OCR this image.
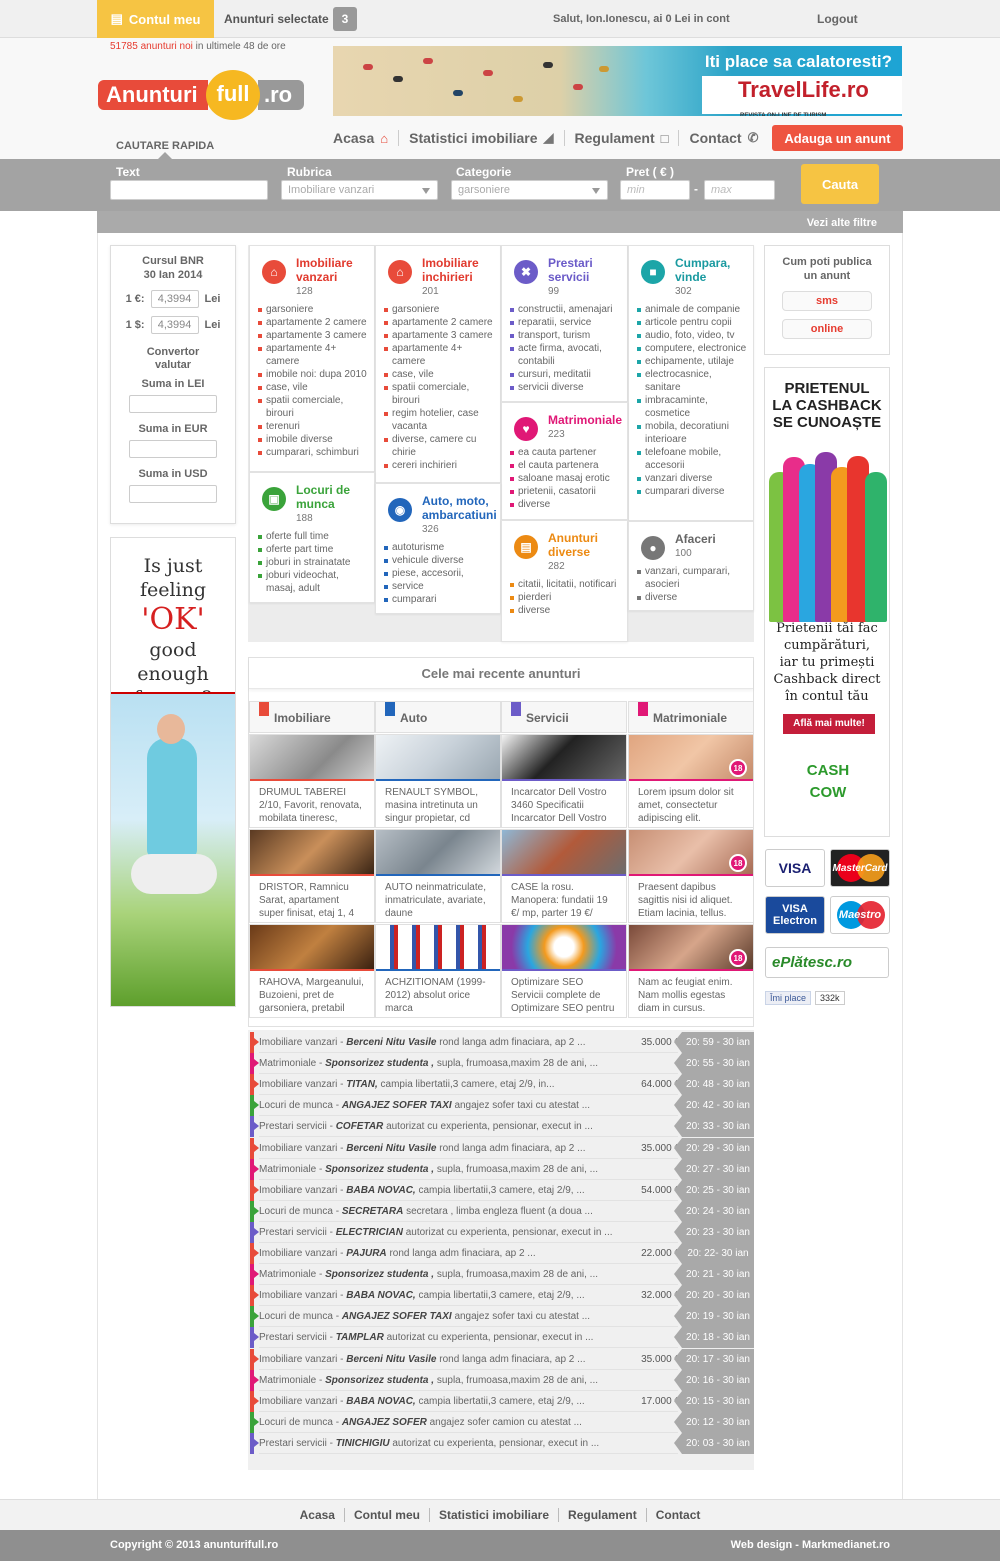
▤ Contul meu Anunturi selectate	3	Salut, Ion.Ionescu, ai 0 Lei in cont	Logout
51785 anunturi noi in ultimele 48 de ore
Anunturi	.ro
full
Iti place sa calatoresti?
TravelLife.ro
REVISTA ON-LINE DE TURISM
CAUTARE RAPIDA	Acasa ⌂ Statistici imobiliare ◢ Regulament □ Contact ✆	Adauga un anunt
Text	Rubrica
Imobiliare vanzari
Categorie
garsoniere
Pret ( € )
min	-	max	Cauta
Vezi alte filtre
Cursul BNR
30 Ian 2014
1 €:	4,3994	Lei
1 $:	4,3994	Lei
Convertor
valutar
Suma in LEI
Suma in EUR
Suma in USD
Is just feeling
'OK'
good enough
⌂
Imobiliare vanzari
128
garsoniere
apartamente 2 camere
apartamente 3 camere
apartamente 4+ camere
imobile noi: dupa 2010
case, vile
spatii comerciale, birouri
terenuri
imobile diverse
cumparari, schimburi
⌂
Imobiliare inchirieri
201
garsoniere
apartamente 2 camere
apartamente 3 camere
apartamente 4+ camere
case, vile
spatii comerciale, birouri
regim hotelier, case vacanta
diverse, camere cu chirie
cereri inchirieri
✖
Prestari servicii
99
constructii, amenajari
reparatii, service
transport, turism
acte firma, avocati, contabili
cursuri, meditatii
servicii diverse
■
Cumpara, vinde
302
animale de companie
articole pentru copii
audio, foto, video, tv
computere, electronice
echipamente, utilaje
electrocasnice, sanitare
imbracaminte, cosmetice
mobila, decoratiuni interioare
telefoane mobile, accesorii
vanzari diverse
cumparari diverse
♥
Matrimoniale
223
ea cauta partener
el cauta partenera
saloane masaj erotic
prietenii, casatorii
diverse
▣
Locuri de munca
188
oferte full time
oferte part time
joburi in strainatate
joburi videochat, masaj, adult
◉
Auto, moto, ambarcatiuni
326
autoturisme
vehicule diverse
piese, accesorii,
service
cumparari
▤
Anunturi diverse
282
citatii, licitatii, notificari
pierderi
diverse
●
Afaceri
100
vanzari, cumparari, asocieri
diverse
Cum poti publica un anunt
sms
online
PRIETENUL
LA CASHBACK
SE CUNOAȘTE
Prietenii tăi fac cumpărături, iar tu primești Cashback direct în contul tău
Află mai multe!
CASH COW
VISA	MasterCard
VISA
Electron Maestro
ePlătesc.ro
Îmi place	332k
Cele mai recente anunturi
Imobiliare	Auto	Servicii	Matrimoniale
DRUMUL TABEREI 2/10, Favorit, renovata, mobilata tineresc,
RENAULT SYMBOL, masina intretinuta un singur propietar, cd
Incarcator Dell Vostro 3460 Specificatii Incarcator Dell Vostro
Lorem ipsum dolor sit amet, consectetur adipiscing elit.
18
DRISTOR, Ramnicu Sarat, apartament super finisat, etaj 1, 4
AUTO neinmatriculate, inmatriculate, avariate, daune
CASE la rosu. Manopera: fundatii 19 €/ mp, parter 19 €/
Praesent dapibus sagittis nisi id aliquet. Etiam lacinia, tellus.
18
RAHOVA, Margeanului, Buzoieni, pret de garsoniera, pretabil
ACHZITIONAM (1999-2012) absolut orice marca
Optimizare SEO Servicii complete de Optimizare SEO pentru
Nam ac feugiat enim. Nam mollis egestas diam in cursus.
18
Imobiliare vanzari - Berceni Nitu Vasile rond langa adm finaciara, ap 2 ...	35.000 € 20: 59 - 30 ian
Matrimoniale - Sponsorizez studenta , supla, frumoasa,maxim 28 de ani, ...	20: 55 - 30 ian
Imobiliare vanzari - TITAN, campia libertatii,3 camere, etaj 2/9, in...	64.000 € 20: 48 - 30 ian
Locuri de munca - ANGAJEZ SOFER TAXI angajez sofer taxi cu atestat ...	20: 42 - 30 ian
Prestari servicii - COFETAR autorizat cu experienta, pensionar, execut in ...	20: 33 - 30 ian
Imobiliare vanzari - Berceni Nitu Vasile rond langa adm finaciara, ap 2 ...	35.000 € 20: 29 - 30 ian
Matrimoniale - Sponsorizez studenta , supla, frumoasa,maxim 28 de ani, ...	20: 27 - 30 ian
Imobiliare vanzari - BABA NOVAC, campia libertatii,3 camere, etaj 2/9, ...	54.000 € 20: 25 - 30 ian
Locuri de munca - SECRETARA secretara , limba engleza fluent (a doua ...	20: 24 - 30 ian
Prestari servicii - ELECTRICIAN autorizat cu experienta, pensionar, execut in ...	20: 23 - 30 ian
Imobiliare vanzari - PAJURA rond langa adm finaciara, ap 2 ...	22.000 € 20: 22- 30 ian
Matrimoniale - Sponsorizez studenta , supla, frumoasa,maxim 28 de ani, ...	20: 21 - 30 ian
Imobiliare vanzari - BABA NOVAC, campia libertatii,3 camere, etaj 2/9, ...	32.000 € 20: 20 - 30 ian
Locuri de munca - ANGAJEZ SOFER TAXI angajez sofer taxi cu atestat ...	20: 19 - 30 ian
Prestari servicii - TAMPLAR autorizat cu experienta, pensionar, execut in ...	20: 18 - 30 ian
Imobiliare vanzari - Berceni Nitu Vasile rond langa adm finaciara, ap 2 ...	35.000 € 20: 17 - 30 ian
Matrimoniale - Sponsorizez studenta , supla, frumoasa,maxim 28 de ani, ...	20: 16 - 30 ian
Imobiliare vanzari - BABA NOVAC, campia libertatii,3 camere, etaj 2/9, ...	17.000 € 20: 15 - 30 ian
Locuri de munca - ANGAJEZ SOFER angajez sofer camion cu atestat ...	20: 12 - 30 ian
Prestari servicii - TINICHIGIU autorizat cu experienta, pensionar, execut in ...	20: 03 - 30 ian
Acasa	Contul meu	Statistici imobiliare	Regulament	Contact
Copyright © 2013 anunturifull.ro	Web design - Markmedianet.ro
